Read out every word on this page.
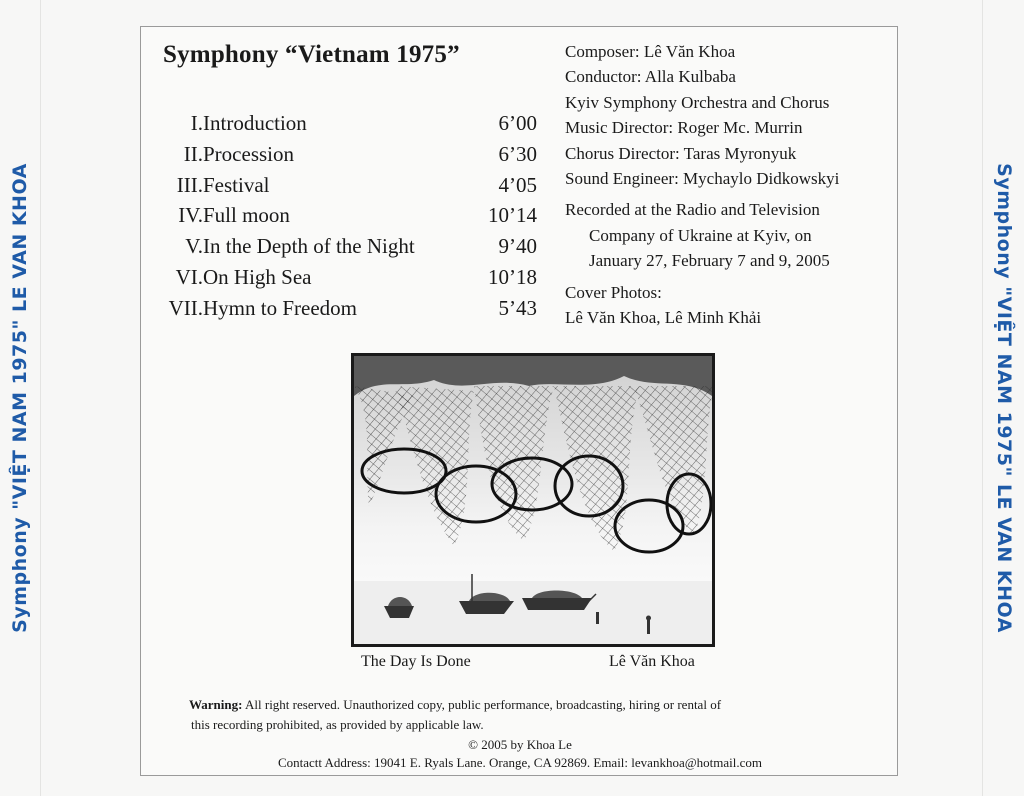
Symphony "VIỆT NAM 1975" LE VAN KHOA	Symphony "VIỆT NAM 1975" LE VAN KHOA
Symphony “Vietnam 1975”
I. Introduction	6’00
II. Procession	6’30
III. Festival	4’05
IV. Full moon	10’14
V. In the Depth of the Night	9’40
VI. On High Sea	10’18
VII. Hymn to Freedom	5’43
Composer: Lê Văn Khoa
Conductor: Alla Kulbaba
Kyiv Symphony Orchestra and Chorus
Music Director: Roger Mc. Murrin
Chorus Director: Taras Myronyuk
Sound Engineer: Mychaylo Didkowskyi
Recorded at the Radio and Television
Company of Ukraine at Kyiv, on
January 27, February 7 and 9, 2005
Cover Photos:
Lê Văn Khoa, Lê Minh Khải
The Day Is Done	Lê Văn Khoa
Warning: All right reserved. Unauthorized copy, public performance, broadcasting, hiring or rental of
this recording prohibited, as provided by applicable law.
© 2005 by Khoa Le
Contactt Address: 19041 E. Ryals Lane. Orange, CA 92869. Email: levankhoa@hotmail.com
